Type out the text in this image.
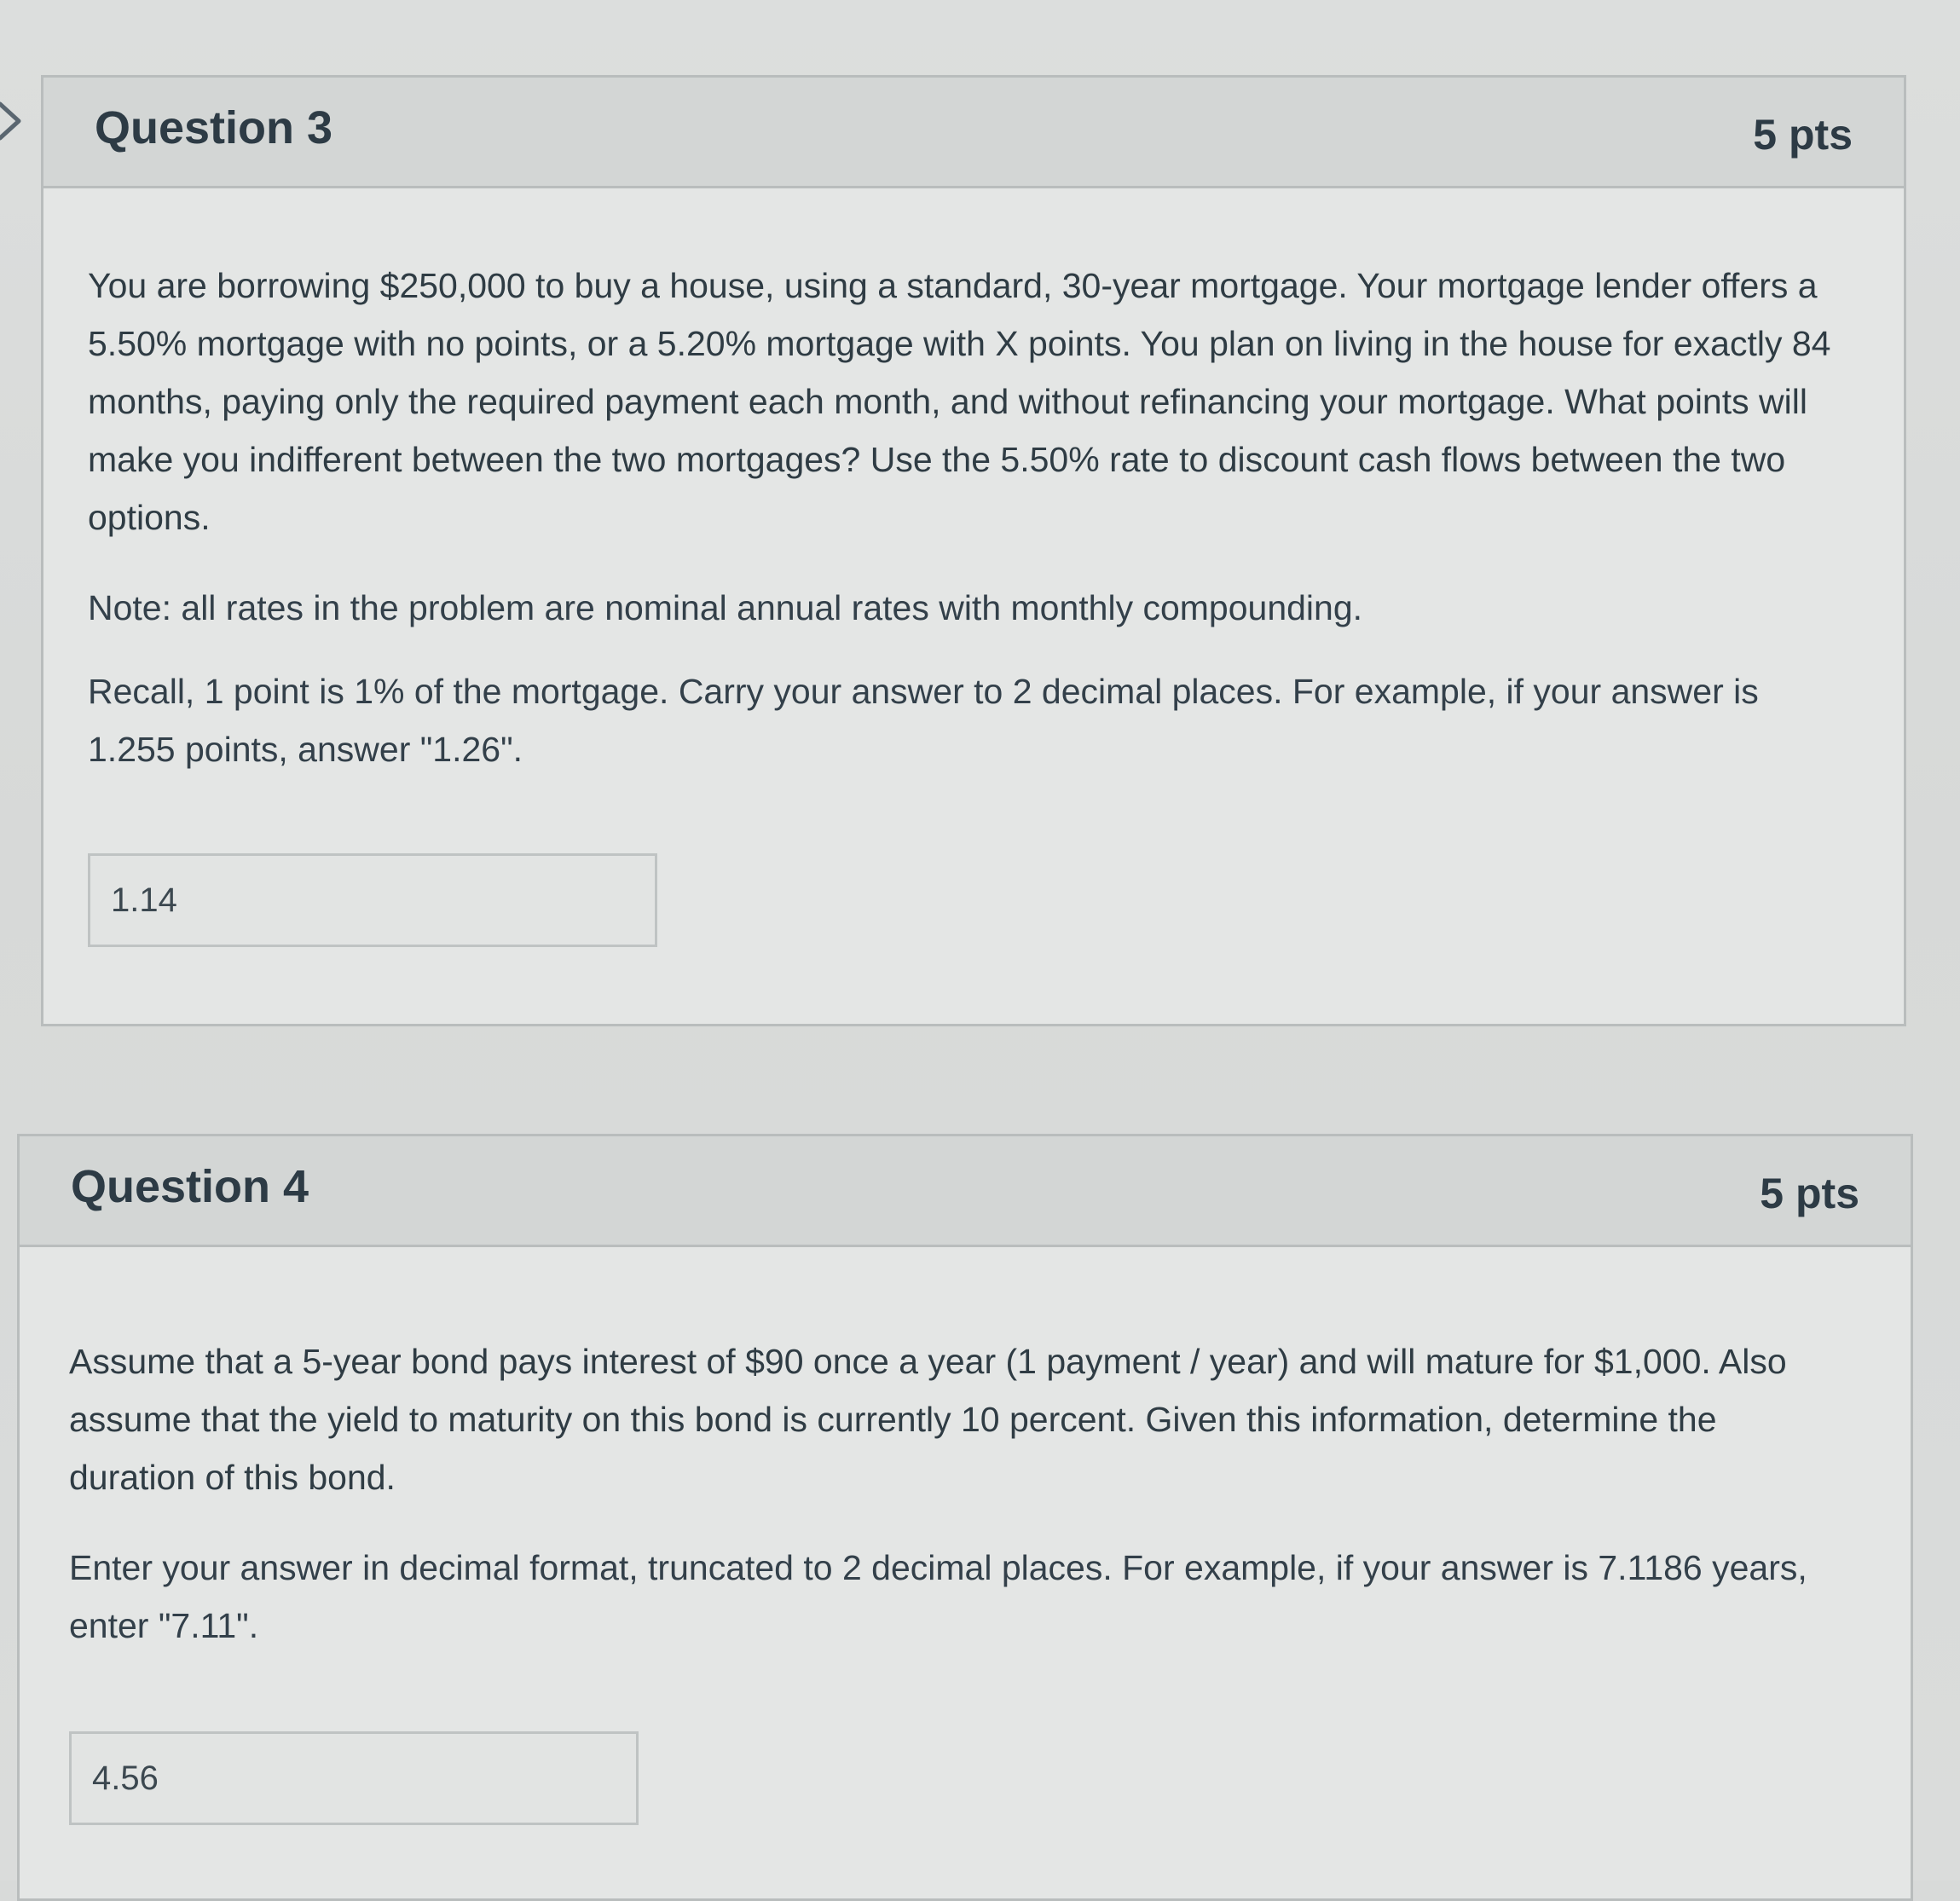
Question 3	5 pts

You are borrowing $250,000 to buy a house, using a standard, 30-year mortgage. Your mortgage lender offers a 5.50% mortgage with no points, or a 5.20% mortgage with X points. You plan on living in the house for exactly 84 months, paying only the required payment each month, and without refinancing your mortgage. What points will make you indifferent between the two mortgages? Use the 5.50% rate to discount cash flows between the two options.

Note: all rates in the problem are nominal annual rates with monthly compounding.

Recall, 1 point is 1% of the mortgage. Carry your answer to 2 decimal places. For example, if your answer is 1.255 points, answer "1.26".

1.14
Question 4	5 pts

Assume that a 5-year bond pays interest of $90 once a year (1 payment / year) and will mature for $1,000. Also assume that the yield to maturity on this bond is currently 10 percent. Given this information, determine the duration of this bond.

Enter your answer in decimal format, truncated to 2 decimal places. For example, if your answer is 7.1186 years, enter "7.11".

4.56
